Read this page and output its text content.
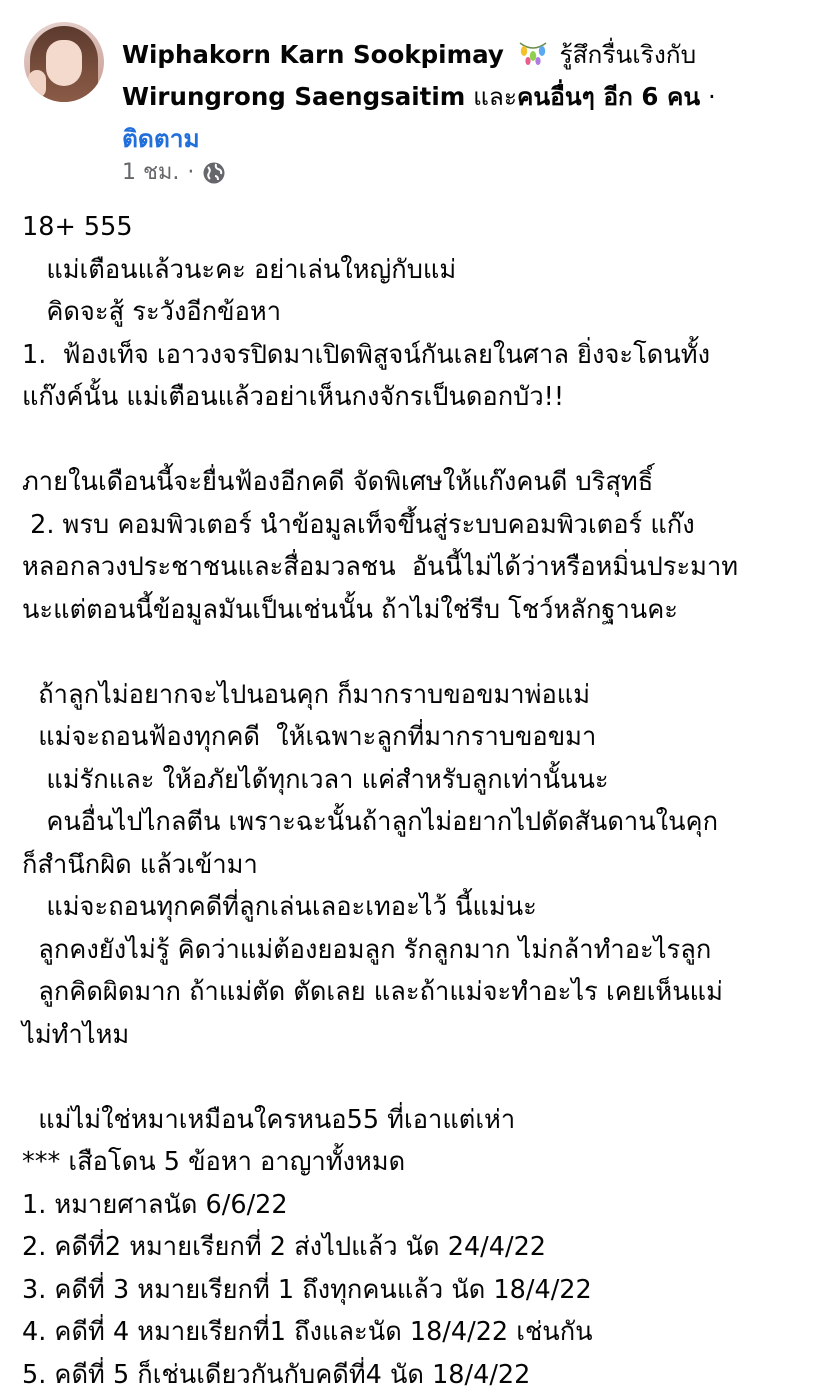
Wiphakorn Karn Sookpimay รู้สึกรื่นเริงกับ
Wirungrong Saengsaitim และคนอื่นๆ อีก 6 คน ·
ติดตาม
1 ชม. ·
18+ 555
แม่เตือนแล้วนะคะ อย่าเล่นใหญ่กับแม่
คิดจะสู้ ระวังอีกข้อหา
1.  ฟ้องเท็จ เอาวงจรปิดมาเปิดพิสูจน์กันเลยในศาล ยิ่งจะโดนทั้ง
แก๊งค์นั้น แม่เตือนแล้วอย่าเห็นกงจักรเป็นดอกบัว!!
ภายในเดือนนี้จะยื่นฟ้องอีกคดี จัดพิเศษให้แก๊งคนดี บริสุทธิ์
2. พรบ คอมพิวเตอร์ นำข้อมูลเท็จขึ้นสู่ระบบคอมพิวเตอร์ แก๊ง
หลอกลวงประชาชนและสื่อมวลชน  อันนี้ไม่ได้ว่าหรือหมิ่นประมาท
นะแต่ตอนนี้ข้อมูลมันเป็นเช่นนั้น ถ้าไม่ใช่รีบ โชว์หลักฐานคะ
ถ้าลูกไม่อยากจะไปนอนคุก ก็มากราบขอขมาพ่อแม่
แม่จะถอนฟ้องทุกคดี  ให้เฉพาะลูกที่มากราบขอขมา
แม่รักและ ให้อภัยได้ทุกเวลา แค่สำหรับลูกเท่านั้นนะ
คนอื่นไปไกลตีน เพราะฉะนั้นถ้าลูกไม่อยากไปดัดสันดานในคุก
ก็สำนึกผิด แล้วเข้ามา
แม่จะถอนทุกคดีที่ลูกเล่นเลอะเทอะไว้ นี้แม่นะ
ลูกคงยังไม่รู้ คิดว่าแม่ต้องยอมลูก รักลูกมาก ไม่กล้าทำอะไรลูก
ลูกคิดผิดมาก ถ้าแม่ตัด ตัดเลย และถ้าแม่จะทำอะไร เคยเห็นแม่
ไม่ทำไหม
แม่ไม่ใช่หมาเหมือนใครหนอ55 ที่เอาแต่เห่า
*** เสือโดน 5 ข้อหา อาญาทั้งหมด
1. หมายศาลนัด 6/6/22
2. คดีที่2 หมายเรียกที่ 2 ส่งไปแล้ว นัด 24/4/22
3. คดีที่ 3 หมายเรียกที่ 1 ถึงทุกคนแล้ว นัด 18/4/22
4. คดีที่ 4 หมายเรียกที่1 ถึงและนัด 18/4/22 เช่นกัน
5. คดีที่ 5 ก็เช่นเดียวกันกับคดีที่4 นัด 18/4/22
